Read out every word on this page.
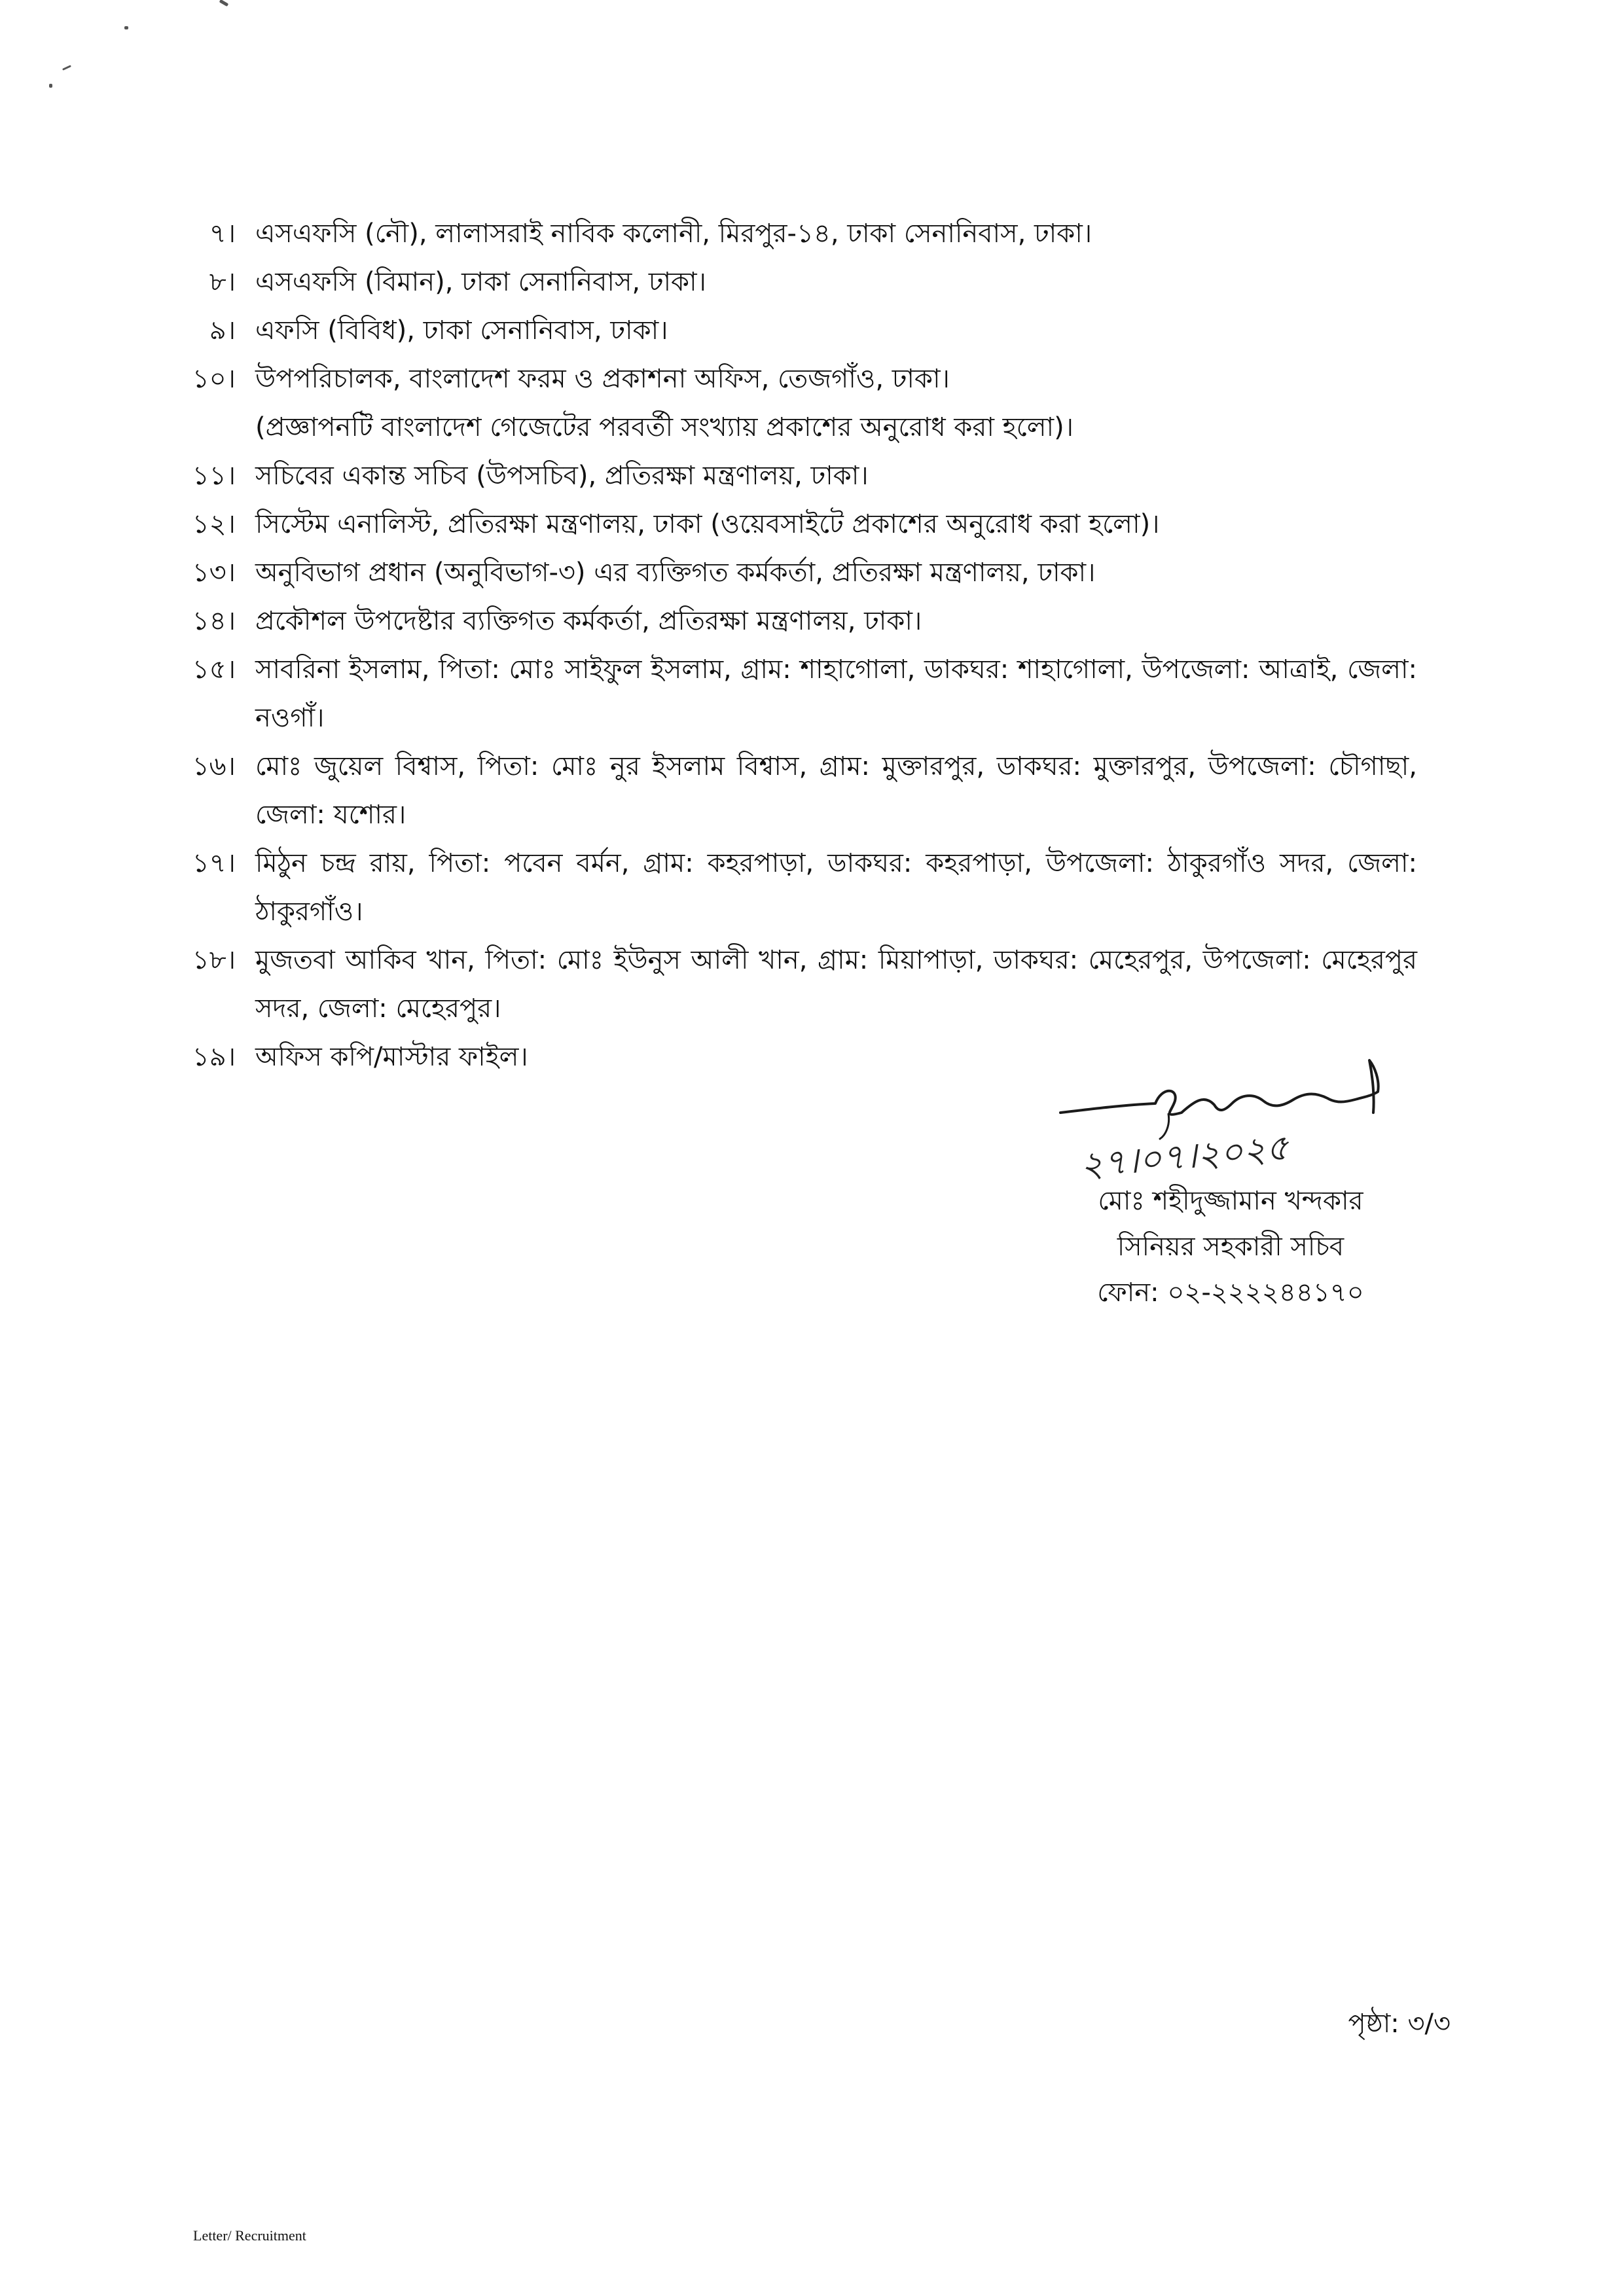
৭। এসএফসি (নৌ), লালাসরাই নাবিক কলোনী, মিরপুর-১৪, ঢাকা সেনানিবাস, ঢাকা।
৮। এসএফসি (বিমান), ঢাকা সেনানিবাস, ঢাকা।
৯। এফসি (বিবিধ), ঢাকা সেনানিবাস, ঢাকা।
১০। উপপরিচালক, বাংলাদেশ ফরম ও প্রকাশনা অফিস, তেজগাঁও, ঢাকা।
(প্রজ্ঞাপনটি বাংলাদেশ গেজেটের পরবর্তী সংখ্যায় প্রকাশের অনুরোধ করা হলো)।
১১। সচিবের একান্ত সচিব (উপসচিব), প্রতিরক্ষা মন্ত্রণালয়, ঢাকা।
১২। সিস্টেম এনালিস্ট, প্রতিরক্ষা মন্ত্রণালয়, ঢাকা (ওয়েবসাইটে প্রকাশের অনুরোধ করা হলো)।
১৩। অনুবিভাগ প্রধান (অনুবিভাগ-৩) এর ব্যক্তিগত কর্মকর্তা, প্রতিরক্ষা মন্ত্রণালয়, ঢাকা।
১৪। প্রকৌশল উপদেষ্টার ব্যক্তিগত কর্মকর্তা, প্রতিরক্ষা মন্ত্রণালয়, ঢাকা।
১৫। সাবরিনা ইসলাম, পিতা: মোঃ সাইফুল ইসলাম, গ্রাম: শাহাগোলা, ডাকঘর: শাহাগোলা, উপজেলা: আত্রাই, জেলা: নওগাঁ।
১৬। মোঃ জুয়েল বিশ্বাস, পিতা: মোঃ নুর ইসলাম বিশ্বাস, গ্রাম: মুক্তারপুর, ডাকঘর: মুক্তারপুর, উপজেলা: চৌগাছা, জেলা: যশোর।
১৭। মিঠুন চন্দ্র রায়, পিতা: পবেন বর্মন, গ্রাম: কহরপাড়া, ডাকঘর: কহরপাড়া, উপজেলা: ঠাকুরগাঁও সদর, জেলা: ঠাকুরগাঁও।
১৮। মুজতবা আকিব খান, পিতা: মোঃ ইউনুস আলী খান, গ্রাম: মিয়াপাড়া, ডাকঘর: মেহেরপুর, উপজেলা: মেহেরপুর সদর, জেলা: মেহেরপুর।
১৯। অফিস কপি/মাস্টার ফাইল।
২৭।০৭।২০২৫
মোঃ শহীদুজ্জামান খন্দকার
সিনিয়র সহকারী সচিব
ফোন: ০২-২২২২৪৪১৭০
পৃষ্ঠা: ৩/৩
Letter/ Recruitment
